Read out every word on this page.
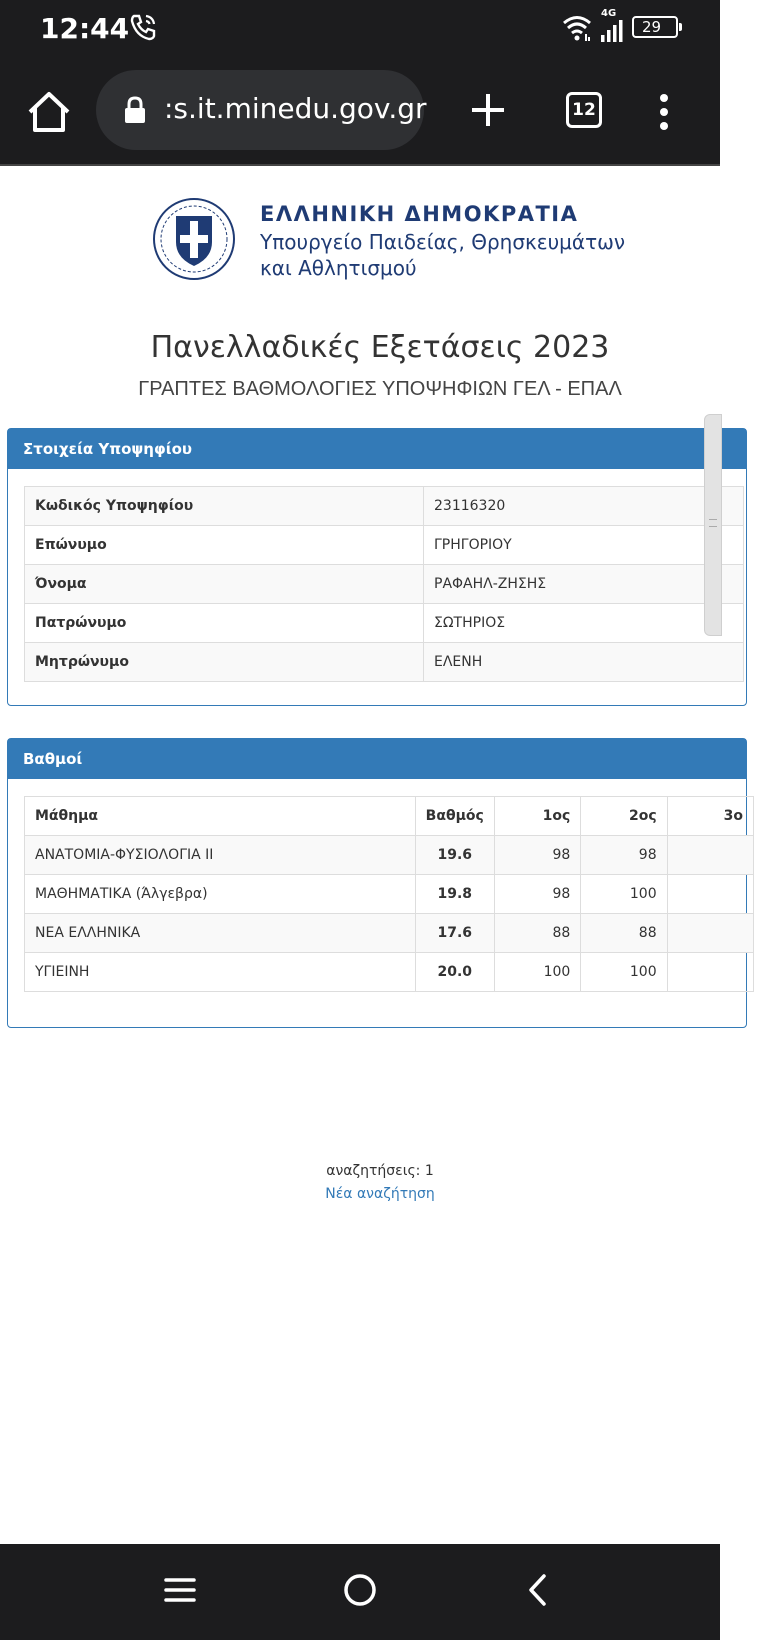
12:44	4G
29
:s.it.minedu.gov.gr	12
ΕΛΛΗΝΙΚΗ ΔΗΜΟΚΡΑΤΙΑ
Υπουργείο Παιδείας, Θρησκευμάτων
και Αθλητισμού
Πανελλαδικές Εξετάσεις 2023
ΓΡΑΠΤΕΣ ΒΑΘΜΟΛΟΓΙΕΣ ΥΠΟΨΗΦΙΩΝ ΓΕΛ - ΕΠΑΛ
Στοιχεία Υποψηφίου
Κωδικός Υποψηφίου	23116320
Επώνυμο	ΓΡΗΓΟΡΙΟΥ
Όνομα	ΡΑΦΑΗΛ-ΖΗΣΗΣ
Πατρώνυμο	ΣΩΤΗΡΙΟΣ
Μητρώνυμο	ΕΛΕΝΗ
Βαθμοί
Μάθημα	Βαθμός	1ος	2ος	3ο
ΑΝΑΤΟΜΙΑ-ΦΥΣΙΟΛΟΓΙΑ ΙΙ	19.6	98	98	
ΜΑΘΗΜΑΤΙΚΑ (Άλγεβρα)	19.8	98	100	
ΝΕΑ ΕΛΛΗΝΙΚΑ	17.6	88	88	
ΥΓΙΕΙΝΗ	20.0	100	100	
αναζητήσεις: 1
Νέα αναζήτηση
